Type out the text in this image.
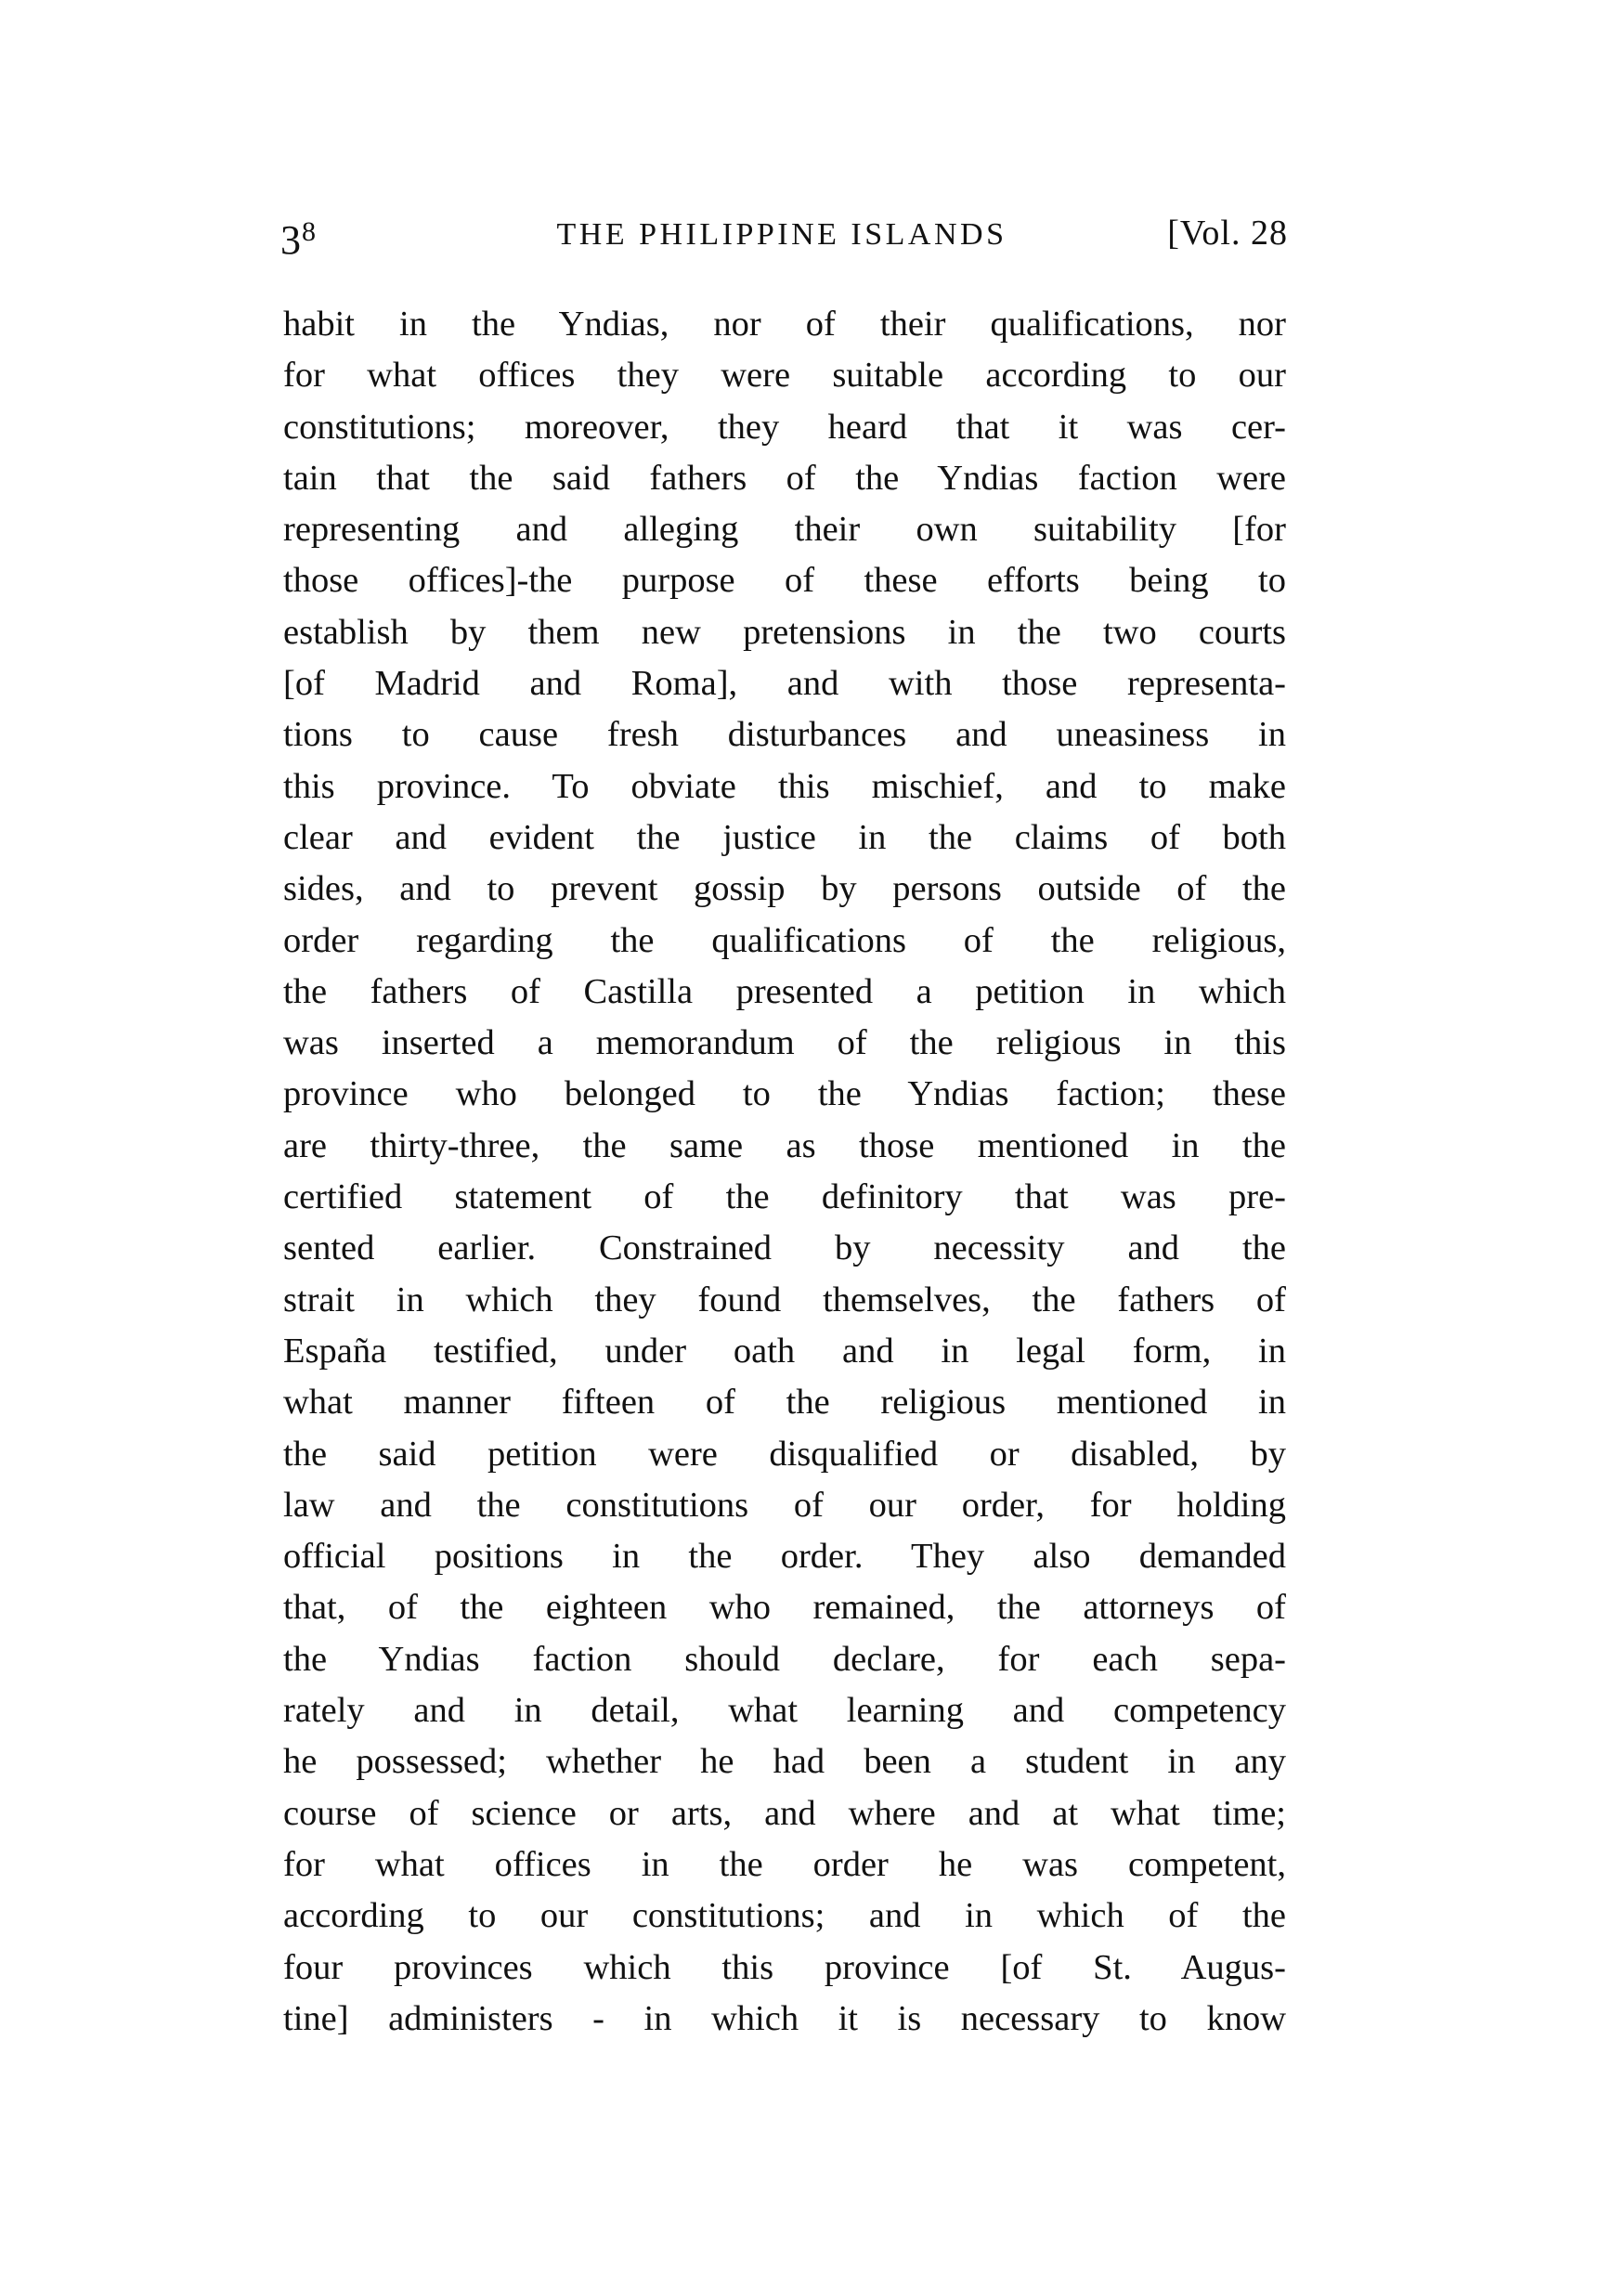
$3^8$	THE PHILIPPINE ISLANDS	[Vol. 28
habit in the Yndias, nor of their qualifications, nor
for what offices they were suitable according to our
constitutions; moreover, they heard that it was cer-
tain that the said fathers of the Yndias faction were
representing and alleging their own suitability [for
those offices]-the purpose of these efforts being to
establish by them new pretensions in the two courts
[of Madrid and Roma], and with those representa-
tions to cause fresh disturbances and uneasiness in
this province. To obviate this mischief, and to make
clear and evident the justice in the claims of both
sides, and to prevent gossip by persons outside of the
order regarding the qualifications of the religious,
the fathers of Castilla presented a petition in which
was inserted a memorandum of the religious in this
province who belonged to the Yndias faction; these
are thirty-three, the same as those mentioned in the
certified statement of the definitory that was pre-
sented earlier. Constrained by necessity and the
strait in which they found themselves, the fathers of
España testified, under oath and in legal form, in
what manner fifteen of the religious mentioned in
the said petition were disqualified or disabled, by
law and the constitutions of our order, for holding
official positions in the order. They also demanded
that, of the eighteen who remained, the attorneys of
the Yndias faction should declare, for each sepa-
rately and in detail, what learning and competency
he possessed; whether he had been a student in any
course of science or arts, and where and at what time;
for what offices in the order he was competent,
according to our constitutions; and in which of the
four provinces which this province [of St. Augus-
tine] administers - in which it is necessary to know
